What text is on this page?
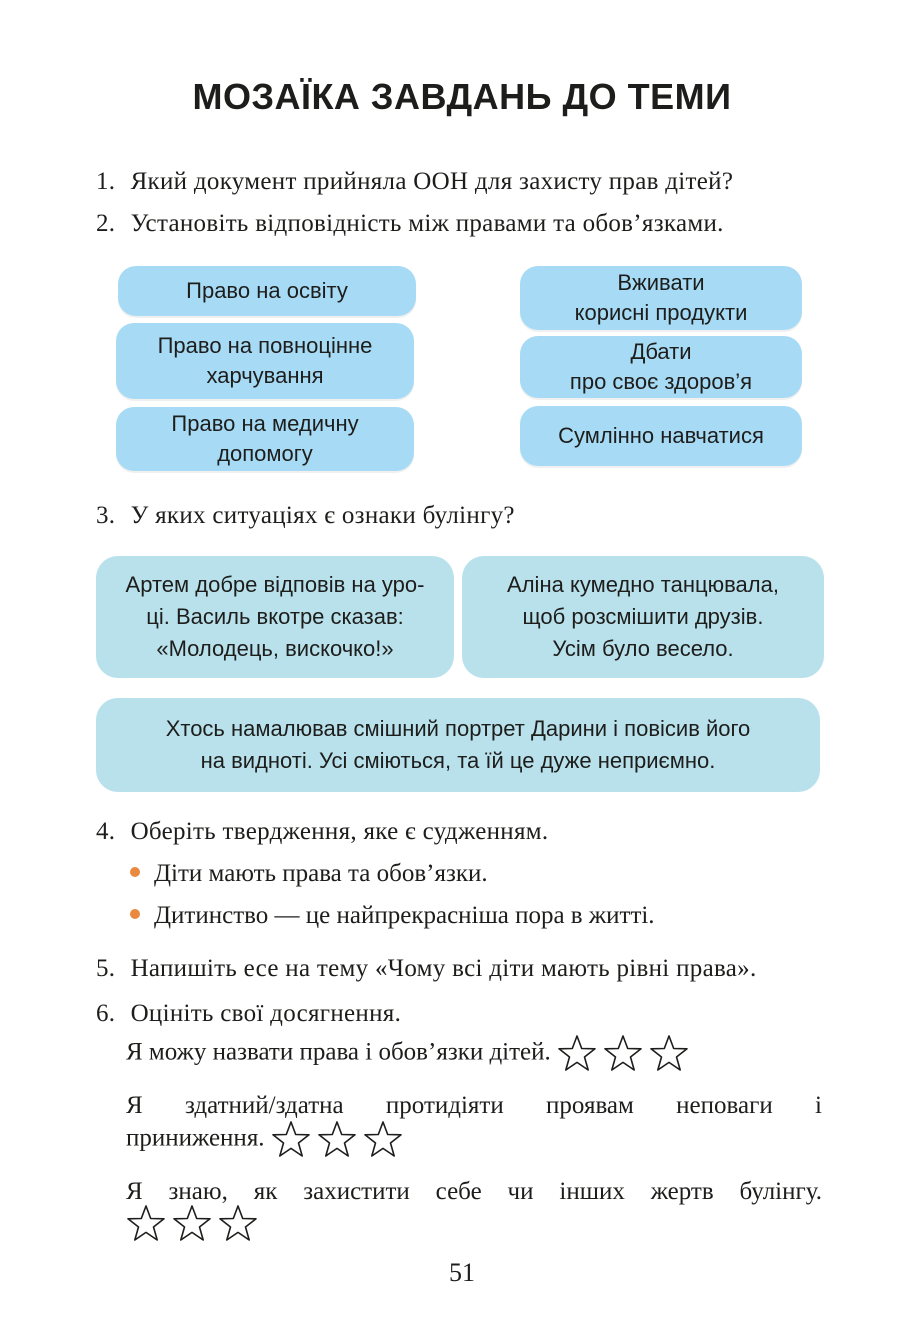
МОЗАЇКА ЗАВДАНЬ ДО ТЕМИ
1. Який документ прийняла ООН для захисту прав дітей?
2. Установіть відповідність між правами та обов’язками.
Право на освіту
Право на повноцінне
харчування
Право на медичну
допомогу
Вживати
корисні продукти
Дбати
про своє здоров’я
Сумлінно навчатися
3. У яких ситуаціях є ознаки булінгу?
Артем добре відповів на уро-
ці. Василь вкотре сказав:
«Молодець, вискочко!»
Аліна кумедно танцювала,
щоб розсмішити друзів.
Усім було весело.
Хтось намалював смішний портрет Дарини і повісив його
на видноті. Усі сміються, та їй це дуже неприємно.
4. Оберіть твердження, яке є судженням.
Діти мають права та обов’язки.
Дитинство — це найпрекрасніша пора в житті.
5. Напишіть есе на тему «Чому всі діти мають рівні права».
6. Оцініть свої досягнення.
Я можу назвати права і обов’язки дітей.
Я здатний/здатна протидіяти проявам неповаги і
приниження.
Я знаю, як захистити себе чи інших жертв булінгу.
51
